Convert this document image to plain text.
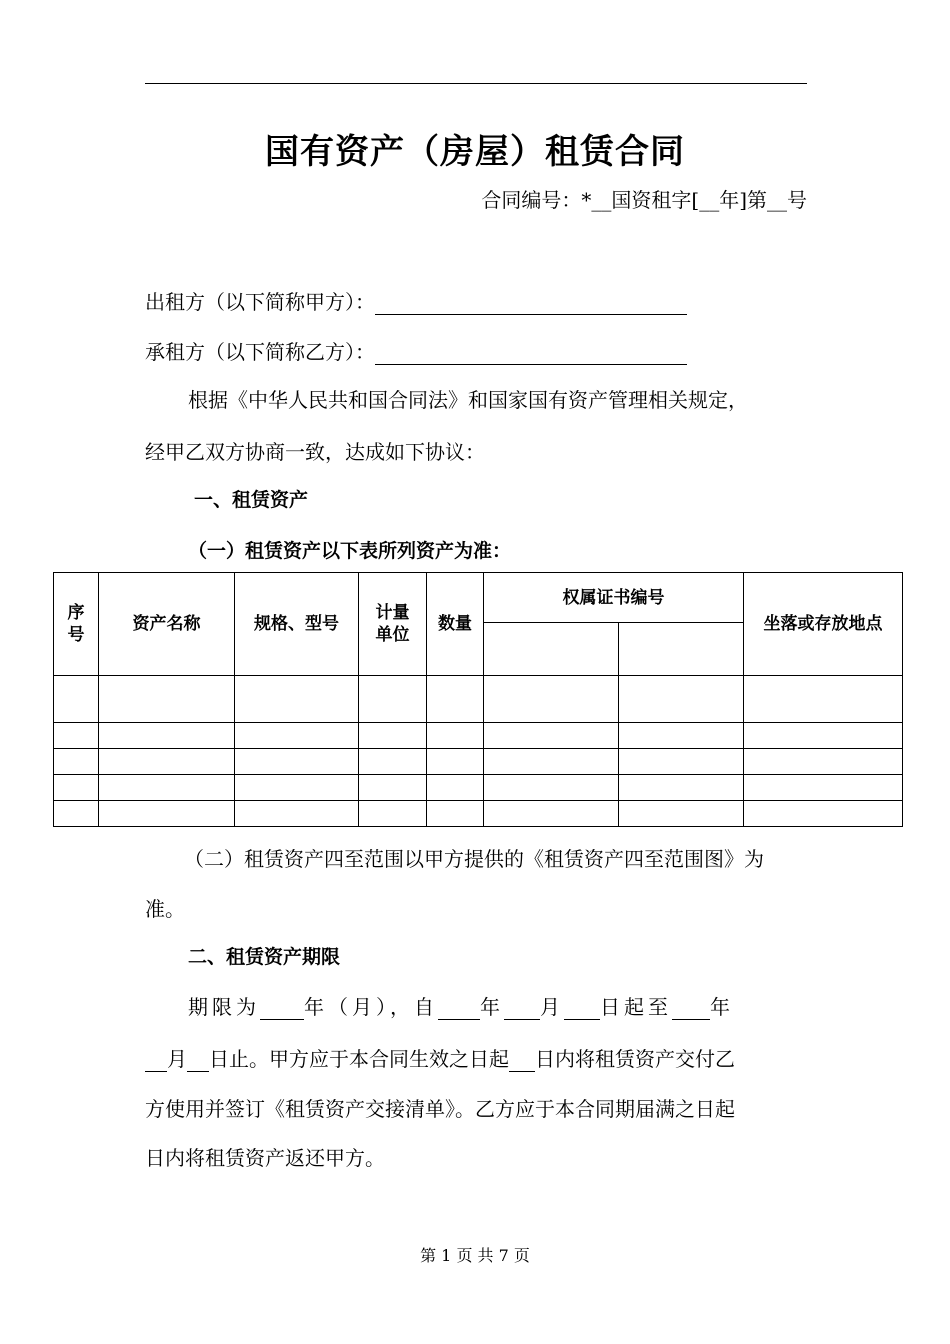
国有资产（房屋）租赁合同
合同编号：*__国资租字[__年]第__号
出租方（以下简称甲方）：
承租方（以下简称乙方）：
根据《中华人民共和国合同法》和国家国有资产管理相关规定，
经甲乙双方协商一致，达成如下协议：
一、租赁资产
（一）租赁资产以下表所列资产为准：
序号	资产名称	规格、型号	计量单位	数量	权属证书编号		坐落或存放地点

（二）租赁资产四至范围以甲方提供的《租赁资产四至范围图》为
准。
二、租赁资产期限
期限为 年（月），自 年 月 日起至 年
月 日止。甲方应于本合同生效之日起 日内将租赁资产交付乙
方使用并签订《租赁资产交接清单》。乙方应于本合同期届满之日起
日内将租赁资产返还甲方。
第 1 页 共 7 页
